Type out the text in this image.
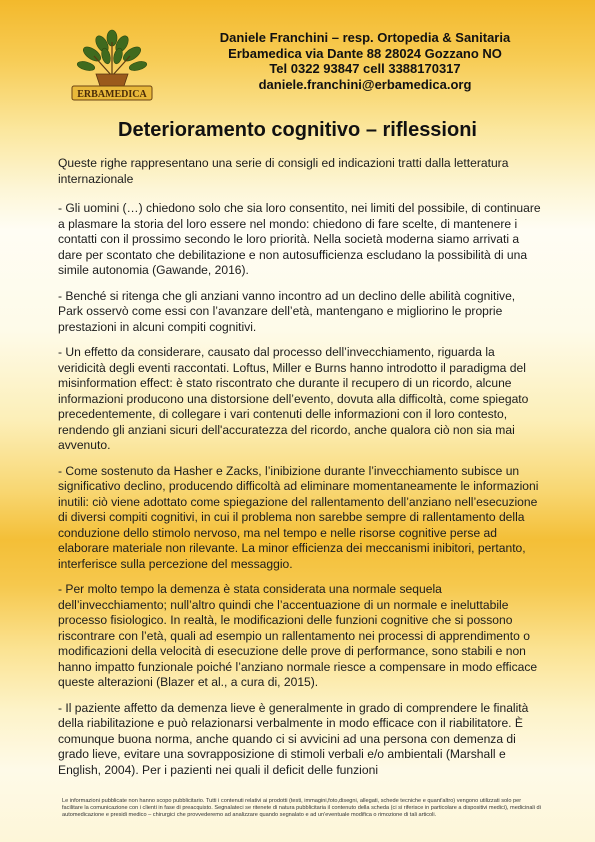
ERBAMEDICA
Daniele Franchini – resp. Ortopedia & Sanitaria
Erbamedica via Dante 88 28024 Gozzano NO
Tel 0322 93847 cell 3388170317
daniele.franchini@erbamedica.org
Deterioramento cognitivo – riflessioni

Queste righe rappresentano una serie di consigli ed indicazioni tratti dalla letteratura internazionale

- Gli uomini (…) chiedono solo che sia loro consentito, nei limiti del possibile, di continuare a plasmare la storia del loro essere nel mondo: chiedono di fare scelte, di mantenere i contatti con il prossimo secondo le loro priorità. Nella società moderna siamo arrivati a dare per scontato che debilitazione e non autosufficienza escludano la possibilità di una simile autonomia (Gawande, 2016).

- Benché si ritenga che gli anziani vanno incontro ad un declino delle abilità cognitive, Park osservò come essi con l’avanzare dell’età, mantengano e migliorino le proprie prestazioni in alcuni compiti cognitivi.

- Un effetto da considerare, causato dal processo dell’invecchiamento, riguarda la veridicità degli eventi raccontati. Loftus, Miller e Burns hanno introdotto il paradigma del misinformation effect: è stato riscontrato che durante il recupero di un ricordo, alcune informazioni producono una distorsione dell’evento, dovuta alla difficoltà, come spiegato precedentemente, di collegare i vari contenuti delle informazioni con il loro contesto, rendendo gli anziani sicuri dell'accuratezza del ricordo, anche qualora ciò non sia mai avvenuto.

- Come sostenuto da Hasher e Zacks, l’inibizione durante l’invecchiamento subisce un significativo declino, producendo difficoltà ad eliminare momentaneamente le informazioni inutili: ciò viene adottato come spiegazione del rallentamento dell’anziano nell’esecuzione di diversi compiti cognitivi, in cui il problema non sarebbe sempre di rallentamento della conduzione dello stimolo nervoso, ma nel tempo e nelle risorse cognitive perse ad elaborare materiale non rilevante. La minor efficienza dei meccanismi inibitori, pertanto, interferisce sulla percezione del messaggio.

- Per molto tempo la demenza è stata considerata una normale sequela dell’invecchiamento; null’altro quindi che l’accentuazione di un normale e ineluttabile processo fisiologico. In realtà, le modificazioni delle funzioni cognitive che si possono riscontrare con l’età, quali ad esempio un rallentamento nei processi di apprendimento o modificazioni della velocità di esecuzione delle prove di performance, sono stabili e non hanno impatto funzionale poiché l’anziano normale riesce a compensare in modo efficace queste alterazioni (Blazer et al., a cura di, 2015).

- Il paziente affetto da demenza lieve è generalmente in grado di comprendere le finalità della riabilitazione e può relazionarsi verbalmente in modo efficace con il riabilitatore. È comunque buona norma, anche quando ci si avvicini ad una persona con demenza di grado lieve, evitare una sovrapposizione di stimoli verbali e/o ambientali (Marshall e English, 2004). Per i pazienti nei quali il deficit delle funzioni

Le informazioni pubblicate non hanno scopo pubblicitario. Tutti i contenuti relativi ai prodotti (testi, immagini,foto,disegni, allegati, schede tecniche e quant'altro) vengono utilizzati solo per facilitare la comunicazione con i clienti in fase di preacquisto. Segnalateci se ritenete di natura pubblicitaria il contenuto della scheda (ci si riferisce in particolare a dispositivi medici), medicinali di automedicazione e presidi medico – chirurgici che provvederemo ad analizzare quando segnalato e ad un'eventuale modifica o rimozione di tali articoli.
